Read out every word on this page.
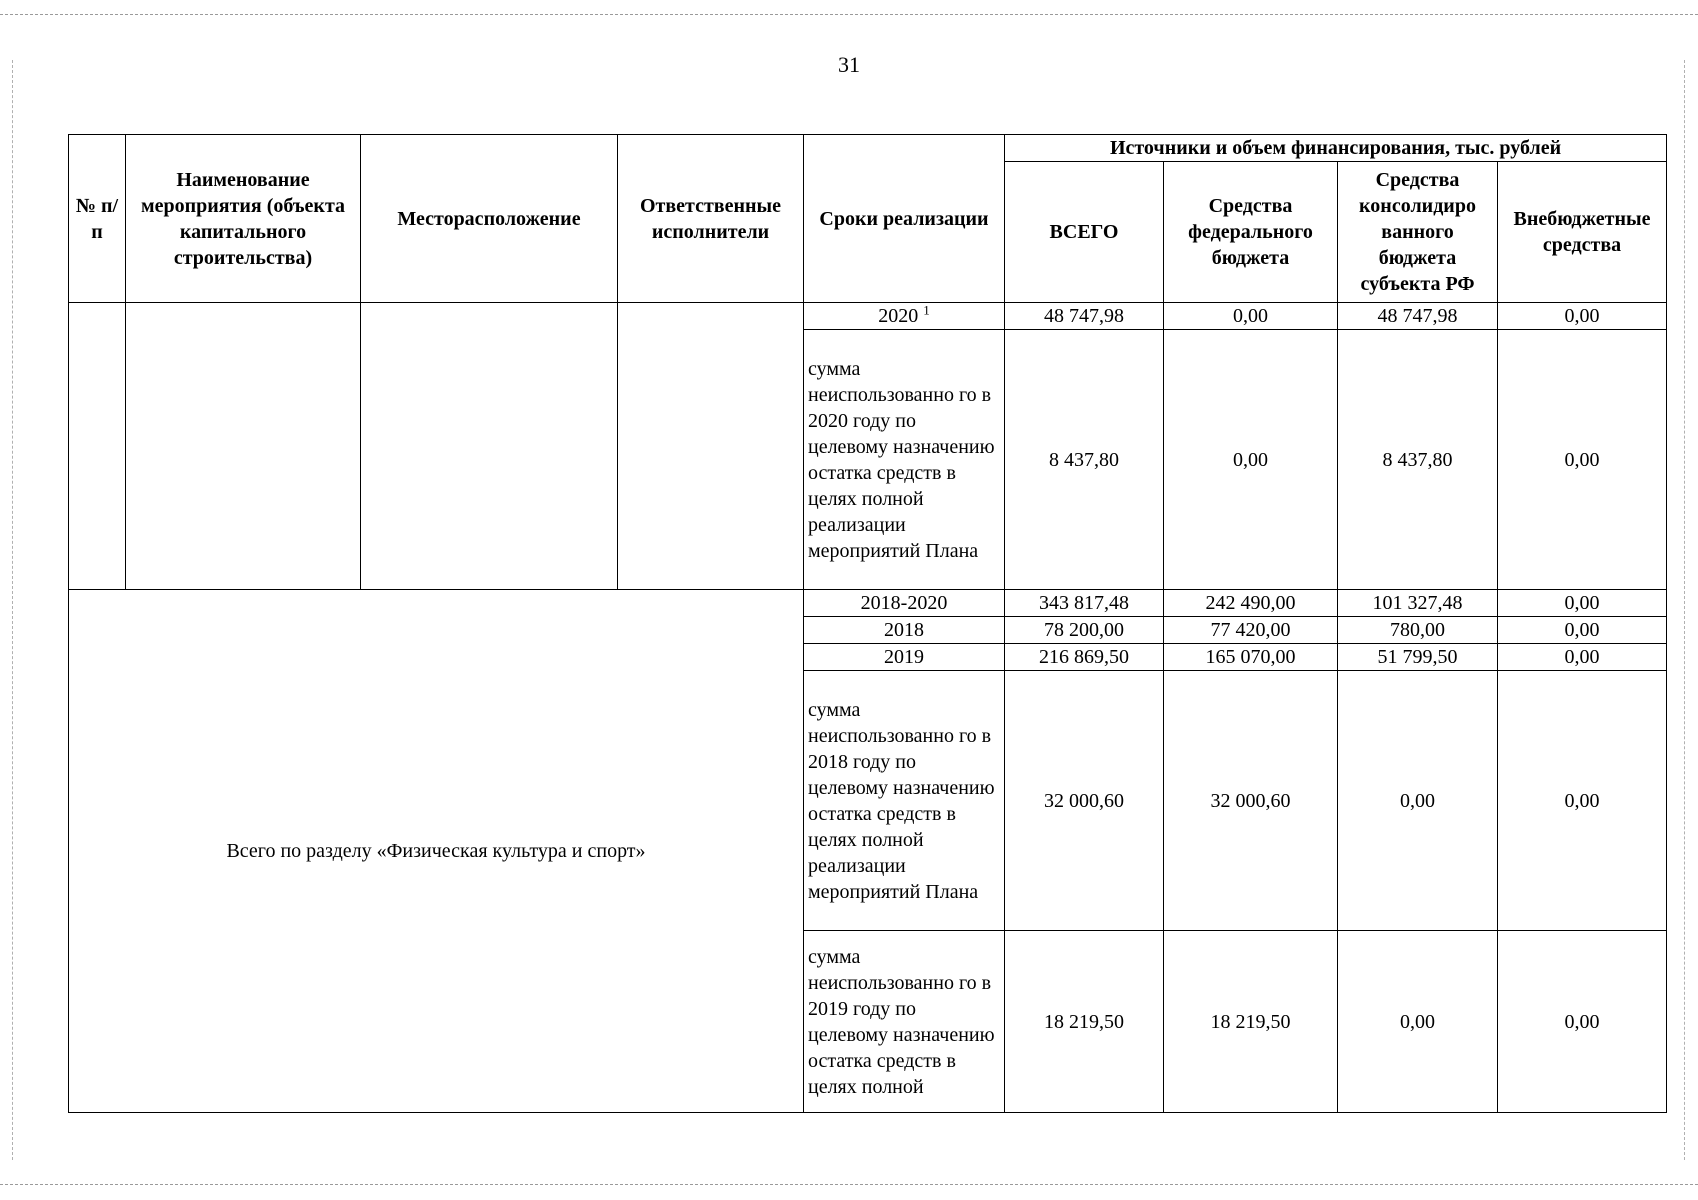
31
№ п/п	Наименование мероприятия (объекта капитального строительства)	Месторасположение	Ответственные исполнители	Сроки реализации	Источники и объем финансирования, тыс. рублей			
					ВСЕГО	Средства федерального бюджета	Средства консолидиро ванного бюджета субъекта РФ	Внебюджетные средства
				2020 $^1$	48 747,98	0,00	48 747,98	0,00
				сумма неиспользованно го в 2020 году по целевому назначению остатка средств в целях полной реализации мероприятий Плана	8 437,80	0,00	8 437,80	0,00
Всего по разделу «Физическая культура и спорт»				2018-2020	343 817,48	242 490,00	101 327,48	0,00
				2018	78 200,00	77 420,00	780,00	0,00
				2019	216 869,50	165 070,00	51 799,50	0,00
				сумма неиспользованно го в 2018 году по целевому назначению остатка средств в целях полной реализации мероприятий Плана	32 000,60	32 000,60	0,00	0,00
				сумма неиспользованно го в 2019 году по целевому назначению остатка средств в целях полной	18 219,50	18 219,50	0,00	0,00
